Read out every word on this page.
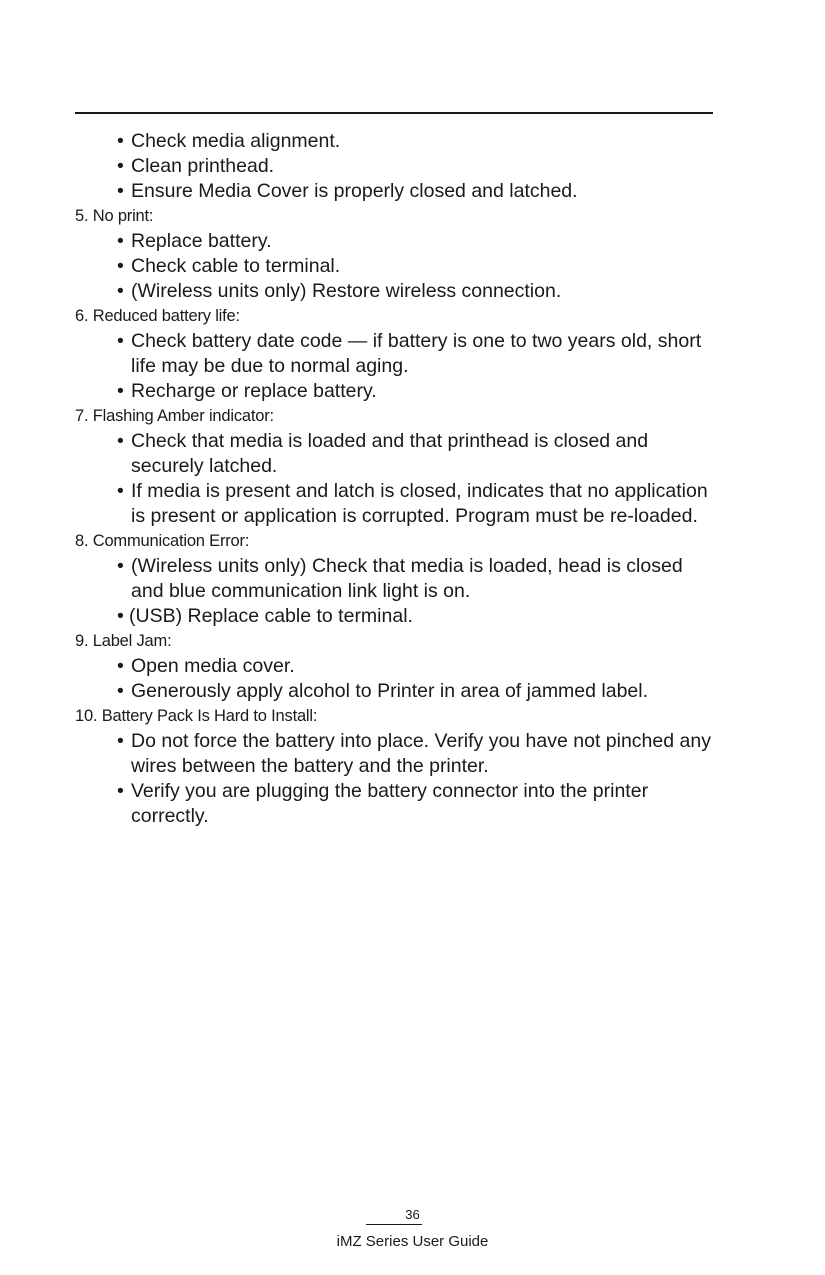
• Check media alignment.
• Clean printhead.
• Ensure Media Cover is properly closed and latched.
5. No print:
• Replace battery.
• Check cable to terminal.
• (Wireless units only) Restore wireless connection.
6. Reduced battery life:
• Check battery date code — if battery is one to two years old, short life may be due to normal aging.
• Recharge or replace battery.
7. Flashing Amber indicator:
• Check that media is loaded and that printhead is closed and securely latched.
• If media is present and latch is closed, indicates that no application is present or application is corrupted. Program must be re-loaded.
8. Communication Error:
• (Wireless units only) Check that media is loaded, head is closed and blue communication link light is on.
• (USB) Replace cable to terminal.
9. Label Jam:
• Open media cover.
• Generously apply alcohol to Printer in area of jammed label.
10. Battery Pack Is Hard to Install:
• Do not force the battery into place. Verify you have not pinched any wires between the battery and the printer.
• Verify you are plugging the battery connector into the printer correctly.
36
iMZ Series User Guide
